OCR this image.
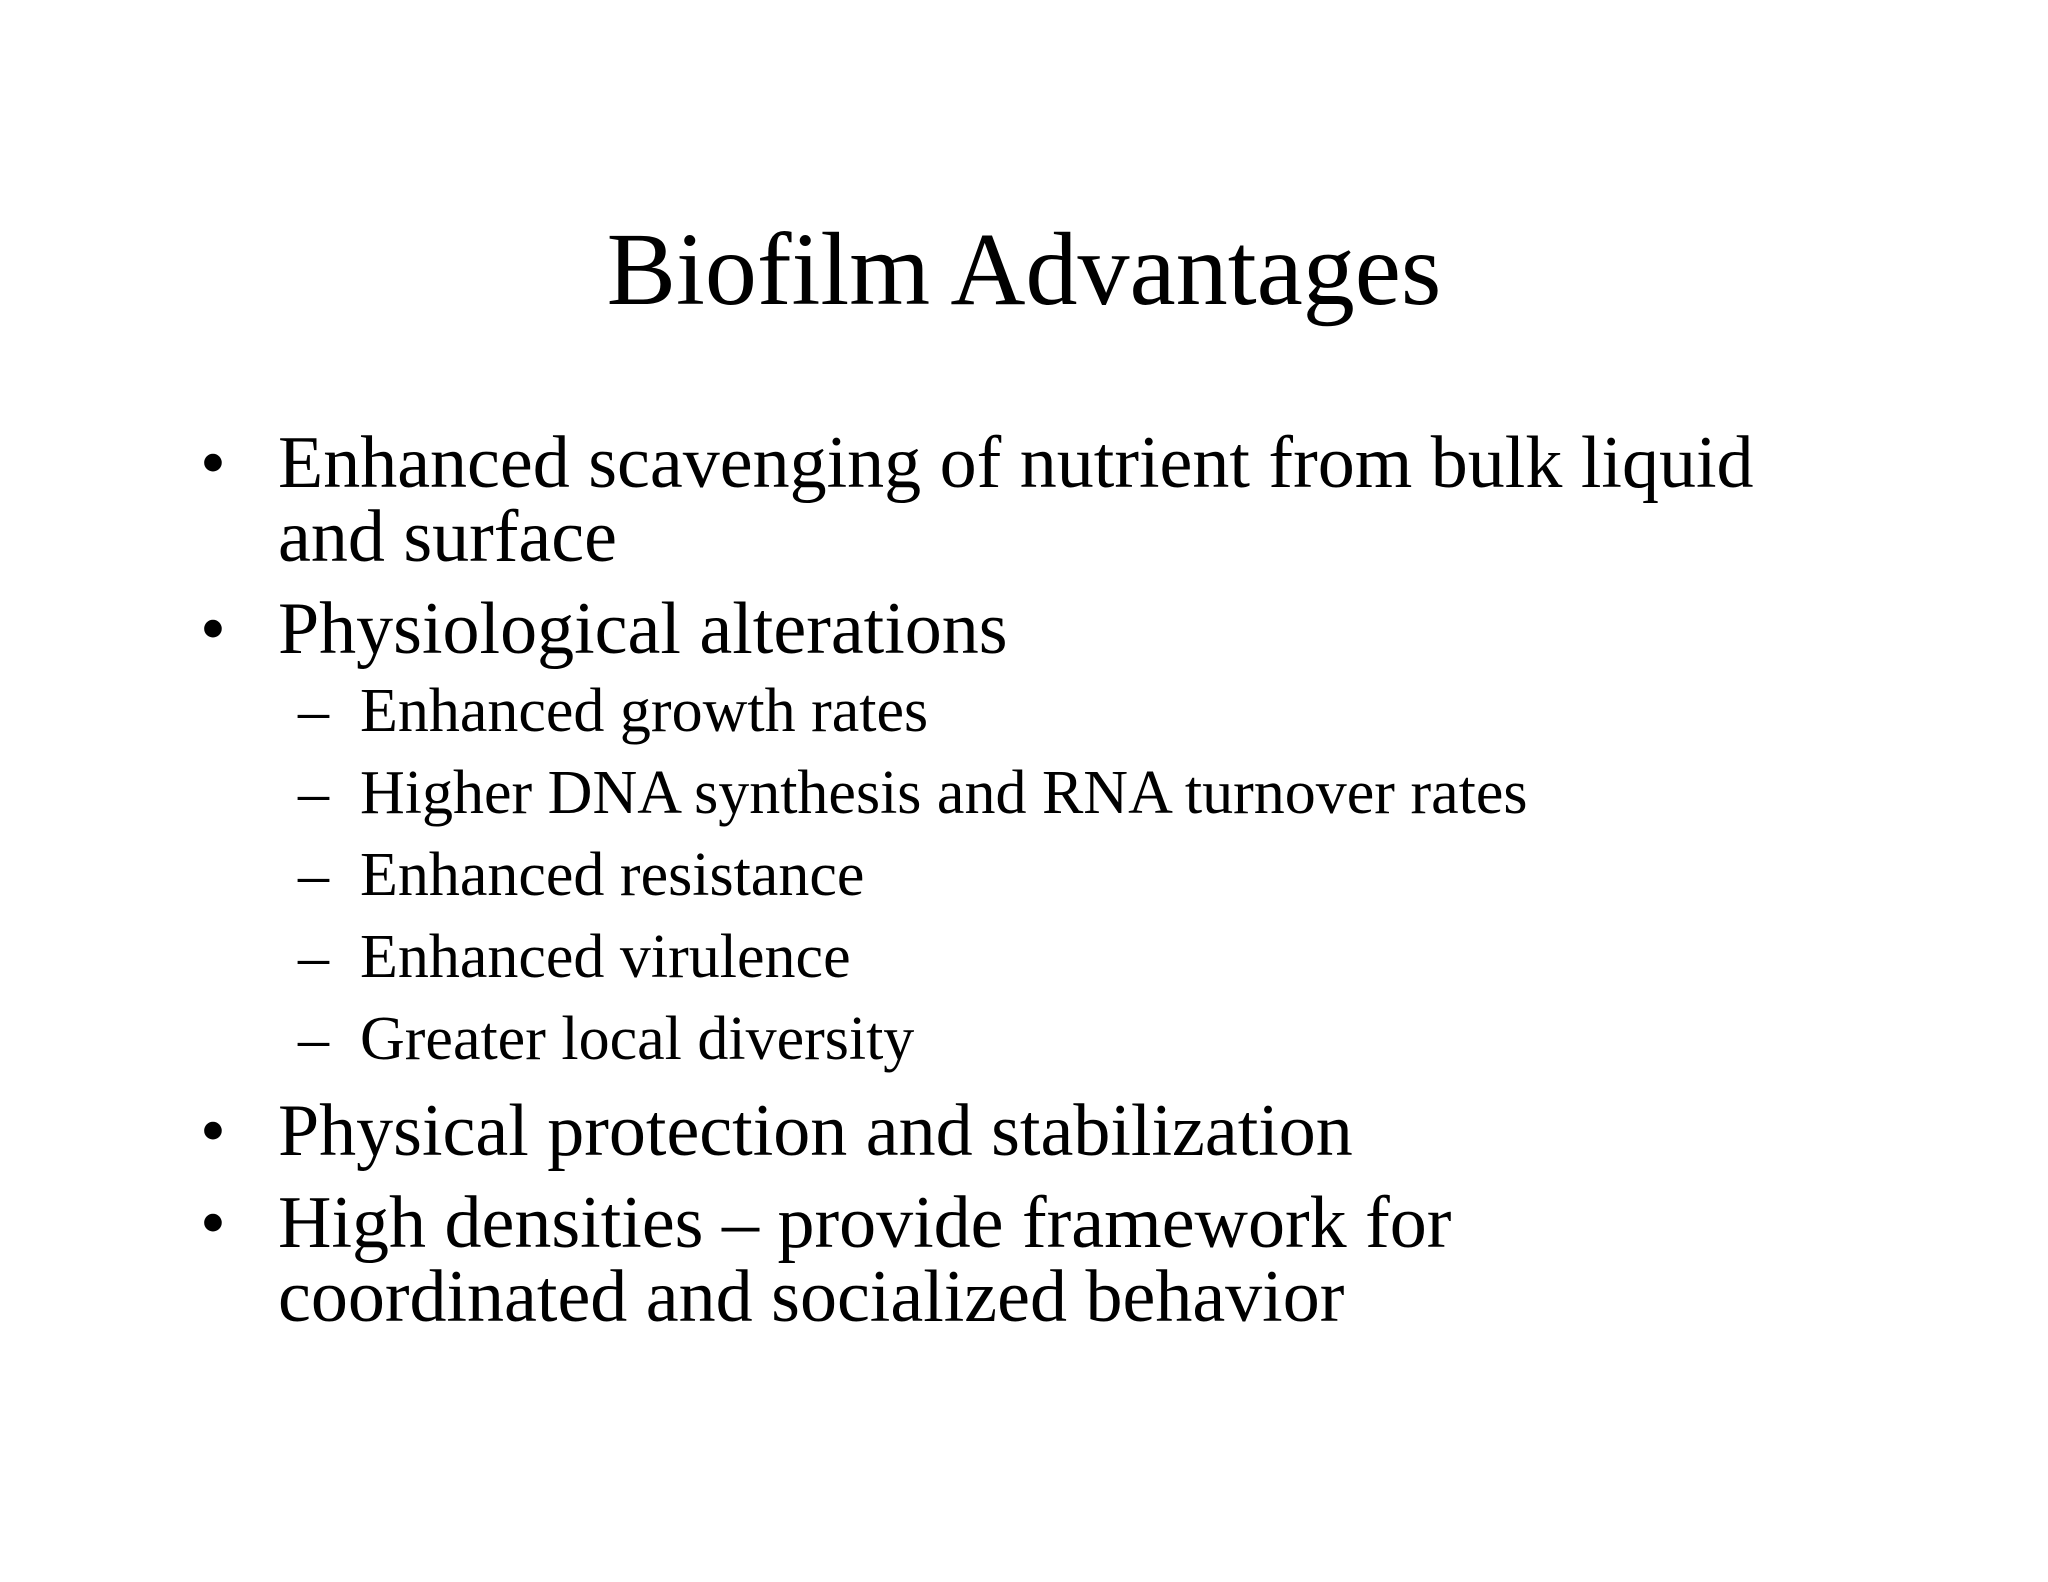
Biofilm Advantages
• Enhanced scavenging of nutrient from bulk liquid
and surface
• Physiological alterations
– Enhanced growth rates
– Higher DNA synthesis and RNA turnover rates
– Enhanced resistance
– Enhanced virulence
– Greater local diversity
• Physical protection and stabilization
• High densities – provide framework for
coordinated and socialized behavior
